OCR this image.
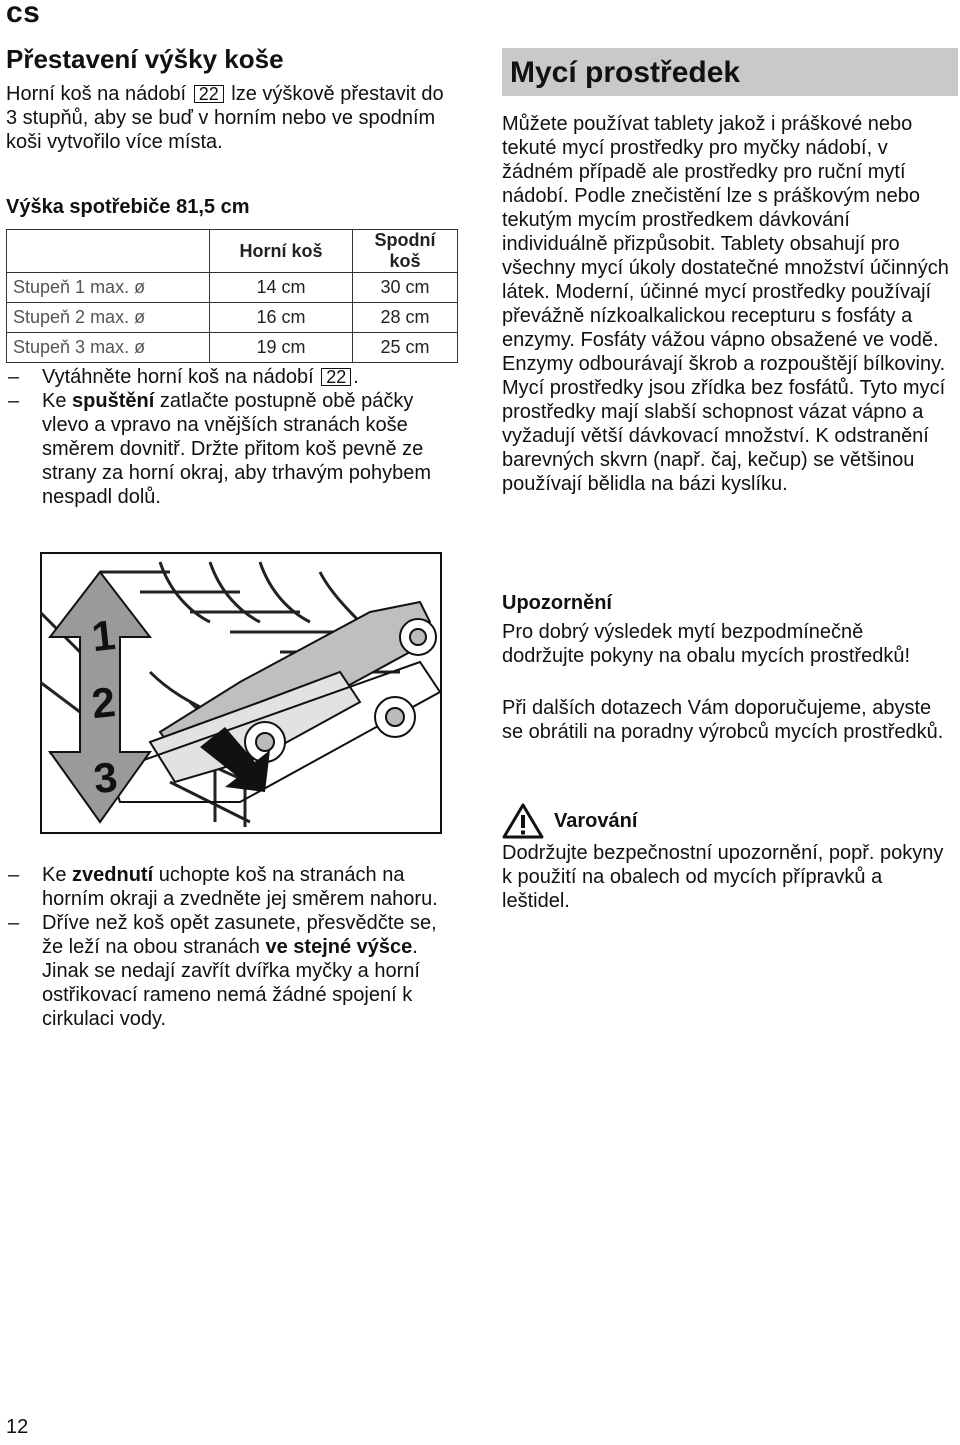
cs
Přestavení výšky koše
Horní koš na nádobí 22 lze výškově přestavit do 3 stupňů, aby se buď v horním nebo ve spodním koši vytvořilo více místa.
Výška spotřebiče 81,5 cm
	Horní koš	Spodní koš
Stupeň 1 max. ø	14 cm	30 cm
Stupeň 2 max. ø	16 cm	28 cm
Stupeň 3 max. ø	19 cm	25 cm
– Vytáhněte horní koš na nádobí 22 .
– Ke spuštění zatlačte postupně obě páčky vlevo a vpravo na vnějších stranách koše směrem dovnitř. Držte přitom koš pevně ze strany za horní okraj, aby trhavým pohybem nespadl dolů.
1
2
3
– Ke zvednutí uchopte koš na stranách na horním okraji a zvedněte jej směrem nahoru.
– Dříve než koš opět zasunete, přesvědčte se, že leží na obou stranách ve stejné výšce. Jinak se nedají zavřít dvířka myčky a horní ostřikovací rameno nemá žádné spojení k cirkulaci vody.
Mycí prostředek
Můžete používat tablety jakož i práškové nebo tekuté mycí prostředky pro myčky nádobí, v žádném případě ale prostředky pro ruční mytí nádobí. Podle znečistění lze s práškovým nebo tekutým mycím prostředkem dávkování individuálně přizpůsobit. Tablety obsahují pro všechny mycí úkoly dostatečné množství účinných látek. Moderní, účinné mycí prostředky používají převážně nízkoalkalickou recepturu s fosfáty a enzymy. Fosfáty vážou vápno obsažené ve vodě. Enzymy odbourávají škrob a rozpouštějí bílkoviny. Mycí prostředky jsou zřídka bez fosfátů. Tyto mycí prostředky mají slabší schopnost vázat vápno a vyžadují větší dávkovací množství. K odstranění barevných skvrn (např. čaj, kečup) se většinou používají bělidla na bázi kyslíku.
Upozornění
Pro dobrý výsledek mytí bezpodmínečně dodržujte pokyny na obalu mycích prostředků!
Při dalších dotazech Vám doporučujeme, abyste se obrátili na poradny výrobců mycích prostředků.
Varování
Dodržujte bezpečnostní upozornění, popř. pokyny k použití na obalech od mycích přípravků a leštidel.
12
